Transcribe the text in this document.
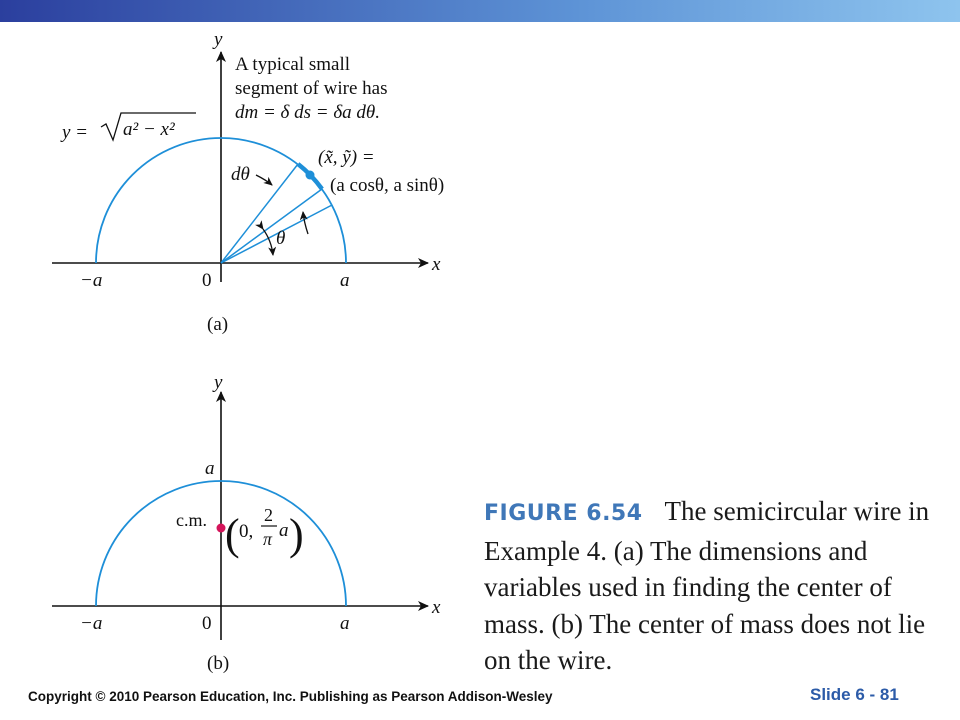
y
x
A typical small
segment of wire has
dm = δ ds = δa dθ.
y = a² − x²
dθ
(x̃, ỹ) =
(a cosθ, a sinθ)
θ
−a	0	a
(a)
y
x
a
c.m. ( 0,
2
π a )
−a	0	a
(b)
FIGURE 6.54 The semicircular wire in Example 4. (a) The dimensions and variables used in finding the center of mass. (b) The center of mass does not lie on the wire.
Copyright © 2010 Pearson Education, Inc. Publishing as Pearson Addison-Wesley	Slide 6 - 81
